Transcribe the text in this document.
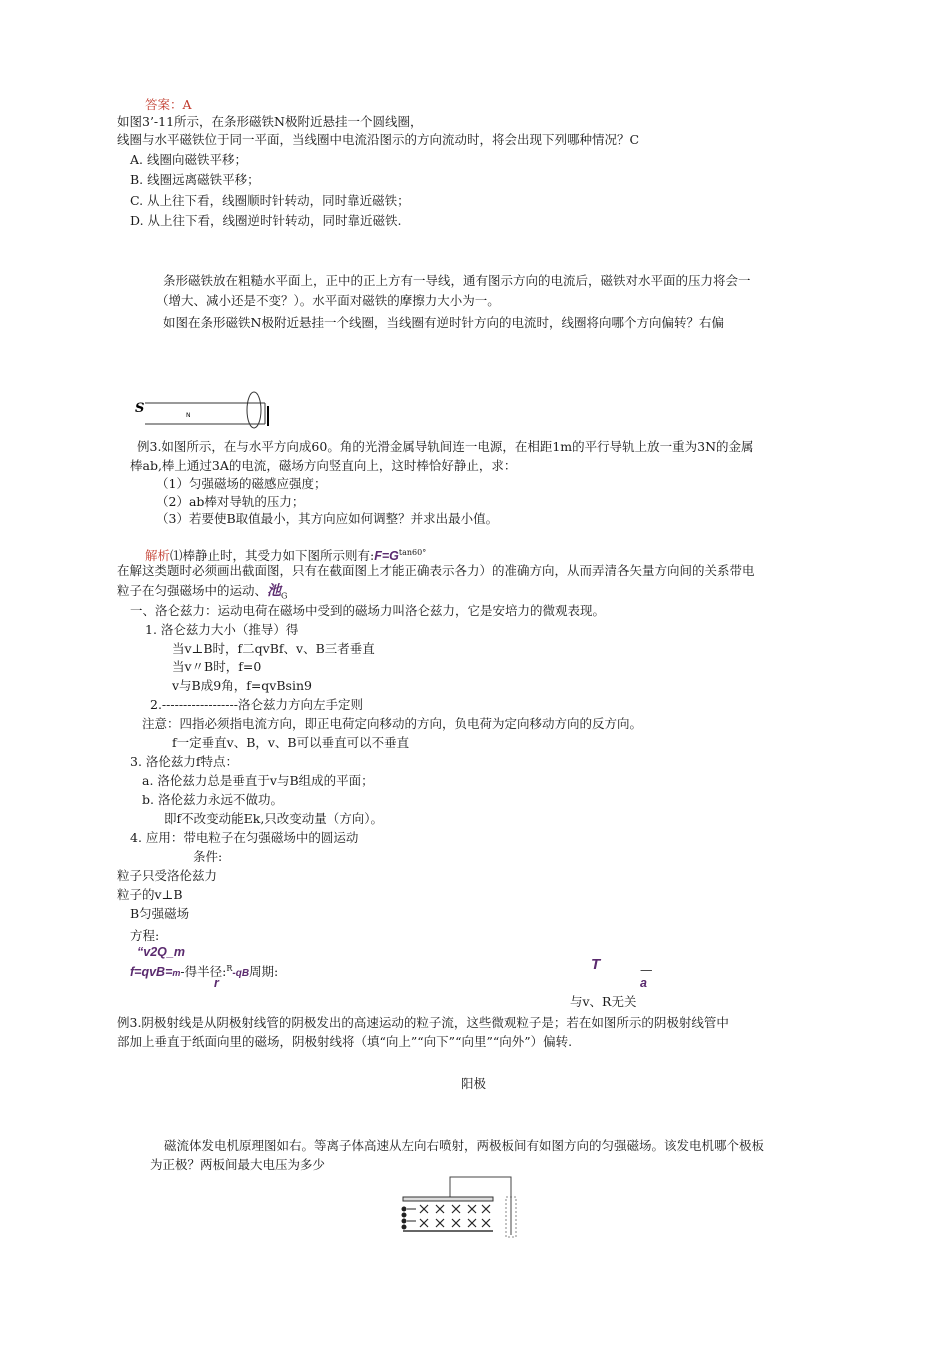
答案：A
如图3’-11所示，在条形磁铁N极附近悬挂一个圆线圈，
线圈与水平磁铁位于同一平面，当线圈中电流沿图示的方向流动时，将会出现下列哪种情况？C
A. 线圈向磁铁平移；
B. 线圈远离磁铁平移；
C. 从上往下看，线圈顺时针转动，同时靠近磁铁；
D. 从上往下看，线圈逆时针转动，同时靠近磁铁.
条形磁铁放在粗糙水平面上，正中的正上方有一导线，通有图示方向的电流后，磁铁对水平面的压力将会一
（增大、减小还是不变？）。水平面对磁铁的摩擦力大小为一。
如图在条形磁铁N极附近悬挂一个线圈，当线圈有逆时针方向的电流时，线圈将向哪个方向偏转？右偏
S	N
例3.如图所示，在与水平方向成60。角的光滑金属导轨间连一电源，在相距1m的平行导轨上放一重为3N的金属
棒ab,棒上通过3A的电流，磁场方向竖直向上，这时棒恰好静止，求：
（1）匀强磁场的磁感应强度；
（2）ab棒对导轨的压力；
（3）若要使B取值最小，其方向应如何调整？并求出最小值。
解析⑴棒静止时，其受力如下图所示则有$:F=G^{tan60^\circ}$
在解这类题时必须画出截面图，只有在截面图上才能正确表示各力）的准确方向，从而弄清各矢量方向间的关系带电
粒子在匀强磁场中的运动、池$_G$
一、洛仑兹力：运动电荷在磁场中受到的磁场力叫洛仑兹力，它是安培力的微观表现。
1. 洛仑兹力大小（推导）得
当v⊥B时，f二qvBf、v、B三者垂直
当v〃B时，f=0
v与B成9角，f=qvBsin9
2.------------------洛仑兹力方向左手定则
注意：四指必须指电流方向，即正电荷定向移动的方向，负电荷为定向移动方向的反方向。
f一定垂直v、B，v、B可以垂直可以不垂直
3. 洛伦兹力f特点：
a. 洛伦兹力总是垂直于v与B组成的平面；
b. 洛伦兹力永远不做功。
即f不改变动能Ek,只改变动量（方向）。
4. 应用：带电粒子在匀强磁场中的圆运动
条件:
粒子只受洛伦兹力
粒子的v⊥B
B匀强磁场
方程:
“v2Q_m
f=qvB=m-得半径:$^R$-qB周期:
r
T	—
a
与v、R无关
例3.阴极射线是从阴极射线管的阴极发出的高速运动的粒子流，这些微观粒子是；若在如图所示的阴极射线管中
部加上垂直于纸面向里的磁场，阴极射线将（填“向上”“向下”“向里”“向外”）偏转.
阳极
磁流体发电机原理图如右。等离子体高速从左向右喷射，两极板间有如图方向的匀强磁场。该发电机哪个极板
为正极？两板间最大电压为多少
